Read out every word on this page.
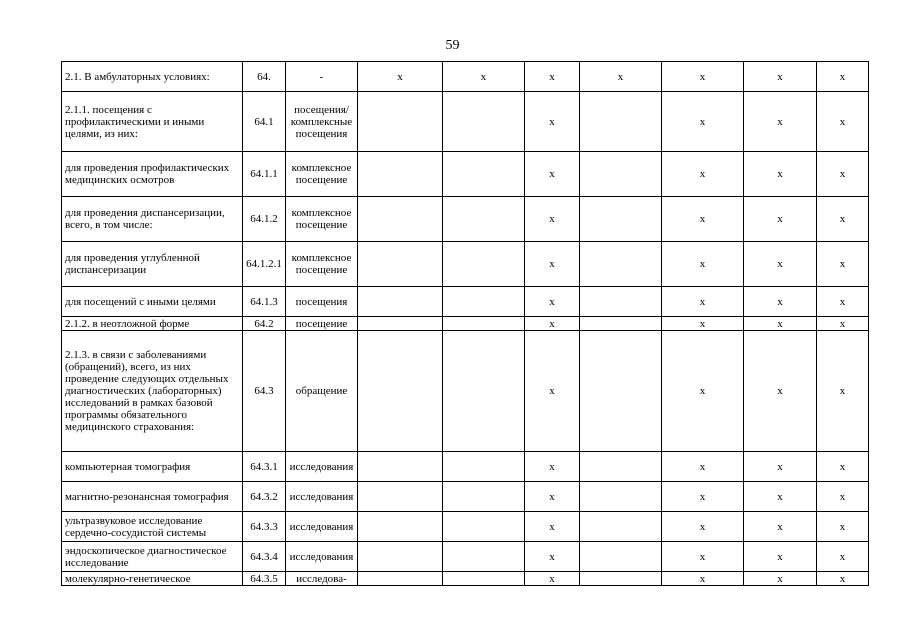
59
2.1. В амбулаторных условиях:	64.	-	x	x	x	x	x	x	x
2.1.1. посещения с профилактическими и иными целями, из них:	64.1	посещения/комплексные посещения			x		x	x	x
для проведения профилактических медицинских осмотров	64.1.1	комплексное посещение			x		x	x	x
для проведения диспансеризации, всего, в том числе:	64.1.2	комплексное посещение			x		x	x	x
для проведения углубленной диспансеризации	64.1.2.1	комплексное посещение			x		x	x	x
для посещений с иными целями	64.1.3	посещения			x		x	x	x
2.1.2. в неотложной форме	64.2	посещение			x		x	x	x
2.1.3. в связи с заболеваниями (обращений), всего, из них проведение следующих отдельных диагностических (лабораторных) исследований в рамках базовой программы обязательного медицинского страхования:	64.3	обращение			x		x	x	x
компьютерная томография	64.3.1	исследования			x		x	x	x
магнитно-резонансная томография	64.3.2	исследования			x		x	x	x
ультразвуковое исследование сердечно-сосудистой системы	64.3.3	исследования			x		x	x	x
эндоскопическое диагностическое исследование	64.3.4	исследования			x		x	x	x
молекулярно-генетическое	64.3.5	исследова-			x		x	x	x
